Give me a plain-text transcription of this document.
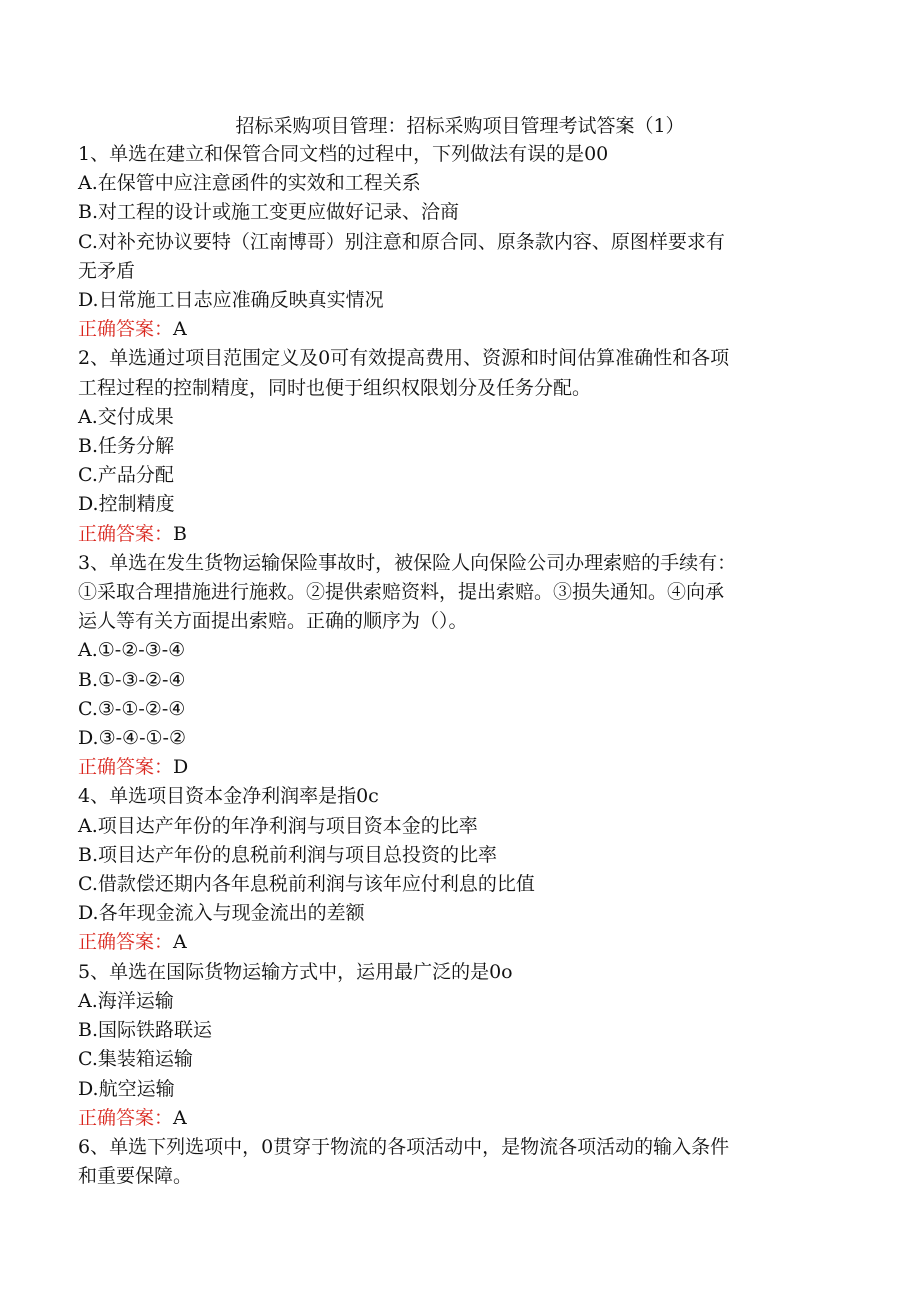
招标采购项目管理：招标采购项目管理考试答案（1）

1、单选在建立和保管合同文档的过程中，下列做法有误的是00

A.在保管中应注意函件的实效和工程关系

B.对工程的设计或施工变更应做好记录、洽商

C.对补充协议要特（江南博哥）别注意和原合同、原条款内容、原图样要求有

无矛盾

D.日常施工日志应准确反映真实情况

正确答案：A

2、单选通过项目范围定义及0可有效提高费用、资源和时间估算准确性和各项

工程过程的控制精度，同时也便于组织权限划分及任务分配。

A.交付成果

B.任务分解

C.产品分配

D.控制精度

正确答案：B

3、单选在发生货物运输保险事故时，被保险人向保险公司办理索赔的手续有：

①采取合理措施进行施救。②提供索赔资料，提出索赔。③损失通知。④向承

运人等有关方面提出索赔。正确的顺序为（）。

A.①-②-③-④

B.①-③-②-④

C.③-①-②-④

D.③-④-①-②

正确答案：D

4、单选项目资本金净利润率是指0c

A.项目达产年份的年净利润与项目资本金的比率

B.项目达产年份的息税前利润与项目总投资的比率

C.借款偿还期内各年息税前利润与该年应付利息的比值

D.各年现金流入与现金流出的差额

正确答案：A

5、单选在国际货物运输方式中，运用最广泛的是0o

A.海洋运输

B.国际铁路联运

C.集装箱运输

D.航空运输

正确答案：A

6、单选下列选项中，0贯穿于物流的各项活动中，是物流各项活动的输入条件

和重要保障。
